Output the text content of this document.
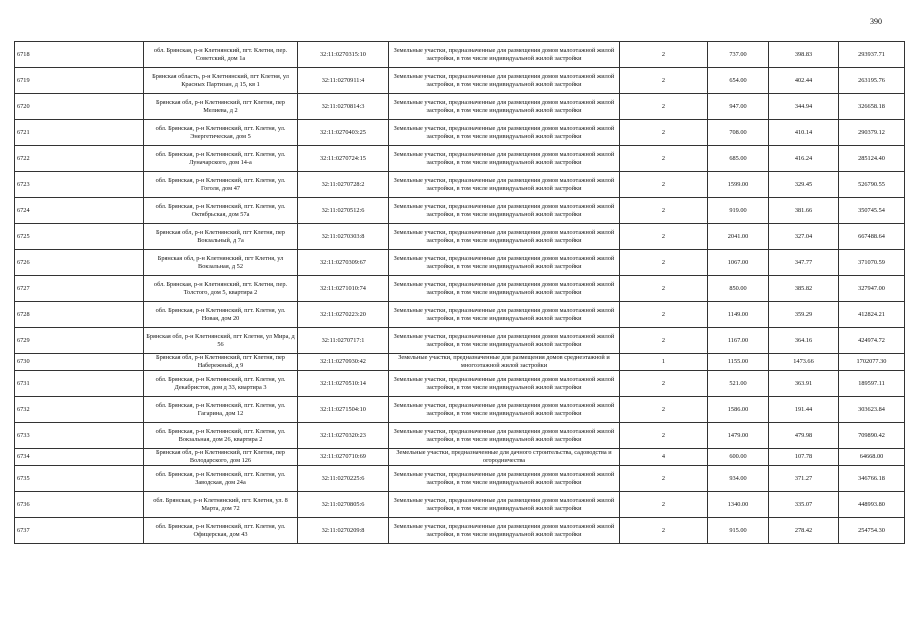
390
6718	обл. Брянская, р-н Клетнянский, пгт. Клетня, пер. Советский, дом 1а	32:11:0270315:10	Земельные участки, предназначенные для размещения домов малоэтажной жилой застройки, в том числе индивидуальной жилой застройки	2	737.00	398.83	293937.71
6719	Брянская область, р-н Клетнянский, пгт Клетня, ул Красных Партизан, д 15, кв 1	32:11:0270911:4	Земельные участки, предназначенные для размещения домов малоэтажной жилой застройки, в том числе индивидуальной жилой застройки	2	654.00	402.44	263195.76
6720	Брянская обл, р-н Клетнянский, пгт Клетня, пер Мелиева, д 2	32:11:0270814:3	Земельные участки, предназначенные для размещения домов малоэтажной жилой застройки, в том числе индивидуальной жилой застройки	2	947.00	344.94	326658.18
6721	обл. Брянская, р-н Клетнянский, пгт. Клетня, ул. Энергетическая, дом 5	32:11:0270403:25	Земельные участки, предназначенные для размещения домов малоэтажной жилой застройки, в том числе индивидуальной жилой застройки	2	708.00	410.14	290379.12
6722	обл. Брянская, р-н Клетнянский, пгт. Клетня, ул. Луначарского, дом 14-а	32:11:0270724:15	Земельные участки, предназначенные для размещения домов малоэтажной жилой застройки, в том числе индивидуальной жилой застройки	2	685.00	416.24	285124.40
6723	обл. Брянская, р-н Клетнянский, пгт. Клетня, ул. Гоголя, дом 47	32:11:0270728:2	Земельные участки, предназначенные для размещения домов малоэтажной жилой застройки, в том числе индивидуальной жилой застройки	2	1599.00	329.45	526790.55
6724	обл. Брянская, р-н Клетнянский, пгт. Клетня, ул. Октябрьская, дом 57а	32:11:0270512:6	Земельные участки, предназначенные для размещения домов малоэтажной жилой застройки, в том числе индивидуальной жилой застройки	2	919.00	381.66	350745.54
6725	Брянская обл, р-н Клетнянский, пгт Клетня, пер Вокзальный, д 7а	32:11:0270303:8	Земельные участки, предназначенные для размещения домов малоэтажной жилой застройки, в том числе индивидуальной жилой застройки	2	2041.00	327.04	667488.64
6726	Брянская обл, р-н Клетнянский, пгт Клетня, ул Вокзальная, д 52	32:11:0270309:67	Земельные участки, предназначенные для размещения домов малоэтажной жилой застройки, в том числе индивидуальной жилой застройки	2	1067.00	347.77	371070.59
6727	обл. Брянская, р-н Клетнянский, пгт. Клетня, пер. Толстого, дом 5, квартира 2	32:11:0271010:74	Земельные участки, предназначенные для размещения домов малоэтажной жилой застройки, в том числе индивидуальной жилой застройки	2	850.00	385.82	327947.00
6728	обл. Брянская, р-н Клетнянский, пгт. Клетня, ул. Новая, дом 20	32:11:0270223:20	Земельные участки, предназначенные для размещения домов малоэтажной жилой застройки, в том числе индивидуальной жилой застройки	2	1149.00	359.29	412824.21
6729	Брянская обл, р-н Клетнянский, пгт Клетня, ул Мира, д 56	32:11:0270717:1	Земельные участки, предназначенные для размещения домов малоэтажной жилой застройки, в том числе индивидуальной жилой застройки	2	1167.00	364.16	424974.72
6730	Брянская обл, р-н Клетнянский, пгт Клетня, пер Набережный, д 9	32:11:0270930:42	Земельные участки, предназначенные для размещения домов среднеэтажной и многоэтажной жилой застройки	1	1155.00	1473.66	1702077.30
6731	обл. Брянская, р-н Клетнянский, пгт. Клетня, ул. Декабристов, дом д 33, квартира 3	32:11:0270510:14	Земельные участки, предназначенные для размещения домов малоэтажной жилой застройки, в том числе индивидуальной жилой застройки	2	521.00	363.91	189597.11
6732	обл. Брянская, р-н Клетнянский, пгт. Клетня, ул. Гагарина, дом 12	32:11:0271504:10	Земельные участки, предназначенные для размещения домов малоэтажной жилой застройки, в том числе индивидуальной жилой застройки	2	1586.00	191.44	303623.84
6733	обл. Брянская, р-н Клетнянский, пгт. Клетня, ул. Вокзальная, дом 26, квартира 2	32:11:0270320:23	Земельные участки, предназначенные для размещения домов малоэтажной жилой застройки, в том числе индивидуальной жилой застройки	2	1479.00	479.98	709890.42
6734	Брянская обл, р-н Клетнянский, пгт Клетня, пер Володарского, дом 126	32:11:0270710:69	Земельные участки, предназначенные для дачного строительства, садоводства и огородничества	4	600.00	107.78	64668.00
6735	обл. Брянская, р-н Клетнянский, пгт. Клетня, ул. Заводская, дом 24а	32:11:0270225:6	Земельные участки, предназначенные для размещения домов малоэтажной жилой застройки, в том числе индивидуальной жилой застройки	2	934.00	371.27	346766.18
6736	обл. Брянская, р-н Клетнянский, пгт. Клетня, ул. 8 Марта, дом 72	32:11:0270805:6	Земельные участки, предназначенные для размещения домов малоэтажной жилой застройки, в том числе индивидуальной жилой застройки	2	1340.00	335.07	448993.80
6737	обл. Брянская, р-н Клетнянский, пгт. Клетня, ул. Офицерская, дом 43	32:11:0270209:8	Земельные участки, предназначенные для размещения домов малоэтажной жилой застройки, в том числе индивидуальной жилой застройки	2	915.00	278.42	254754.30
